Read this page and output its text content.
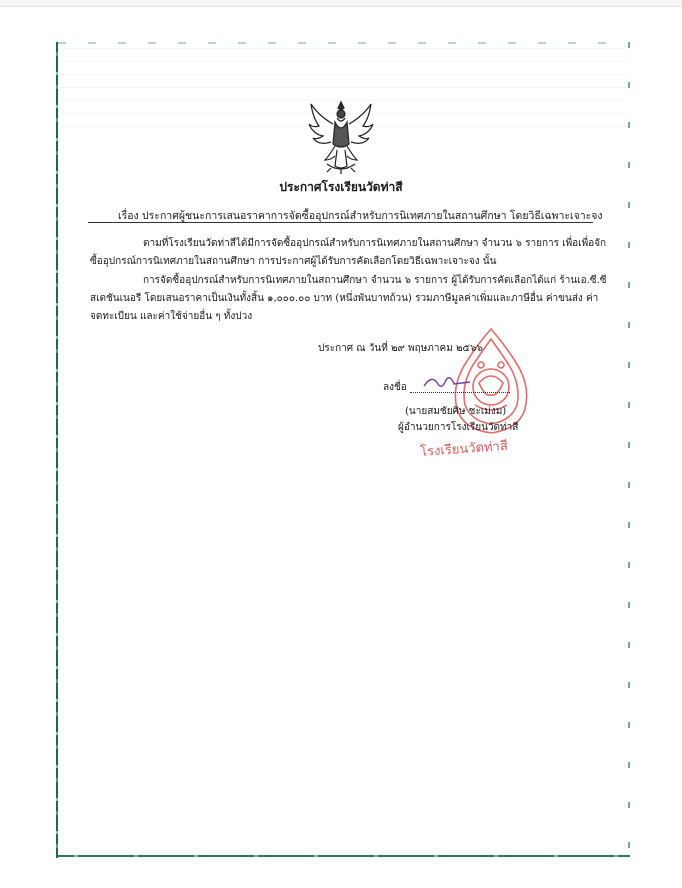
ประกาศโรงเรียนวัดท่าสี
เรื่อง ประกาศผู้ชนะการเสนอราคาการจัดซื้ออุปกรณ์สำหรับการนิเทศภายในสถานศึกษา โดยวิธีเฉพาะเจาะจง
ตามที่โรงเรียนวัดท่าสีได้มีการจัดซื้ออุปกรณ์สำหรับการนิเทศภายในสถานศึกษา จำนวน ๖ รายการ เพื่อเพื่อจัก
ซื้ออุปกรณ์การนิเทศภายในสถานศึกษา การประกาศผู้ได้รับการคัดเลือกโดยวิธีเฉพาะเจาะจง นั้น
การจัดซื้ออุปกรณ์สำหรับการนิเทศภายในสถานศึกษา จำนวน ๖ รายการ ผู้ได้รับการคัดเลือกได้แก่ ร้านเอ.ซี.ซี
สเตชันเนอรี โดยเสนอราคาเป็นเงินทั้งสิ้น ๑,๐๐๐.๐๐ บาท (หนึ่งพันบาทถ้วน) รวมภาษีมูลค่าเพิ่มและภาษีอื่น ค่าขนส่ง ค่า
จดทะเบียน และค่าใช้จ่ายอื่น ๆ ทั้งปวง
ประกาศ ณ วันที่ ๒๙ พฤษภาคม ๒๕๖๖
ลงชื่อ
(นายสมชัยศิษ ชะเม่งม)
ผู้อำนวยการโรงเรียนวัดท่าสี
โรงเรียนวัดท่าสี
